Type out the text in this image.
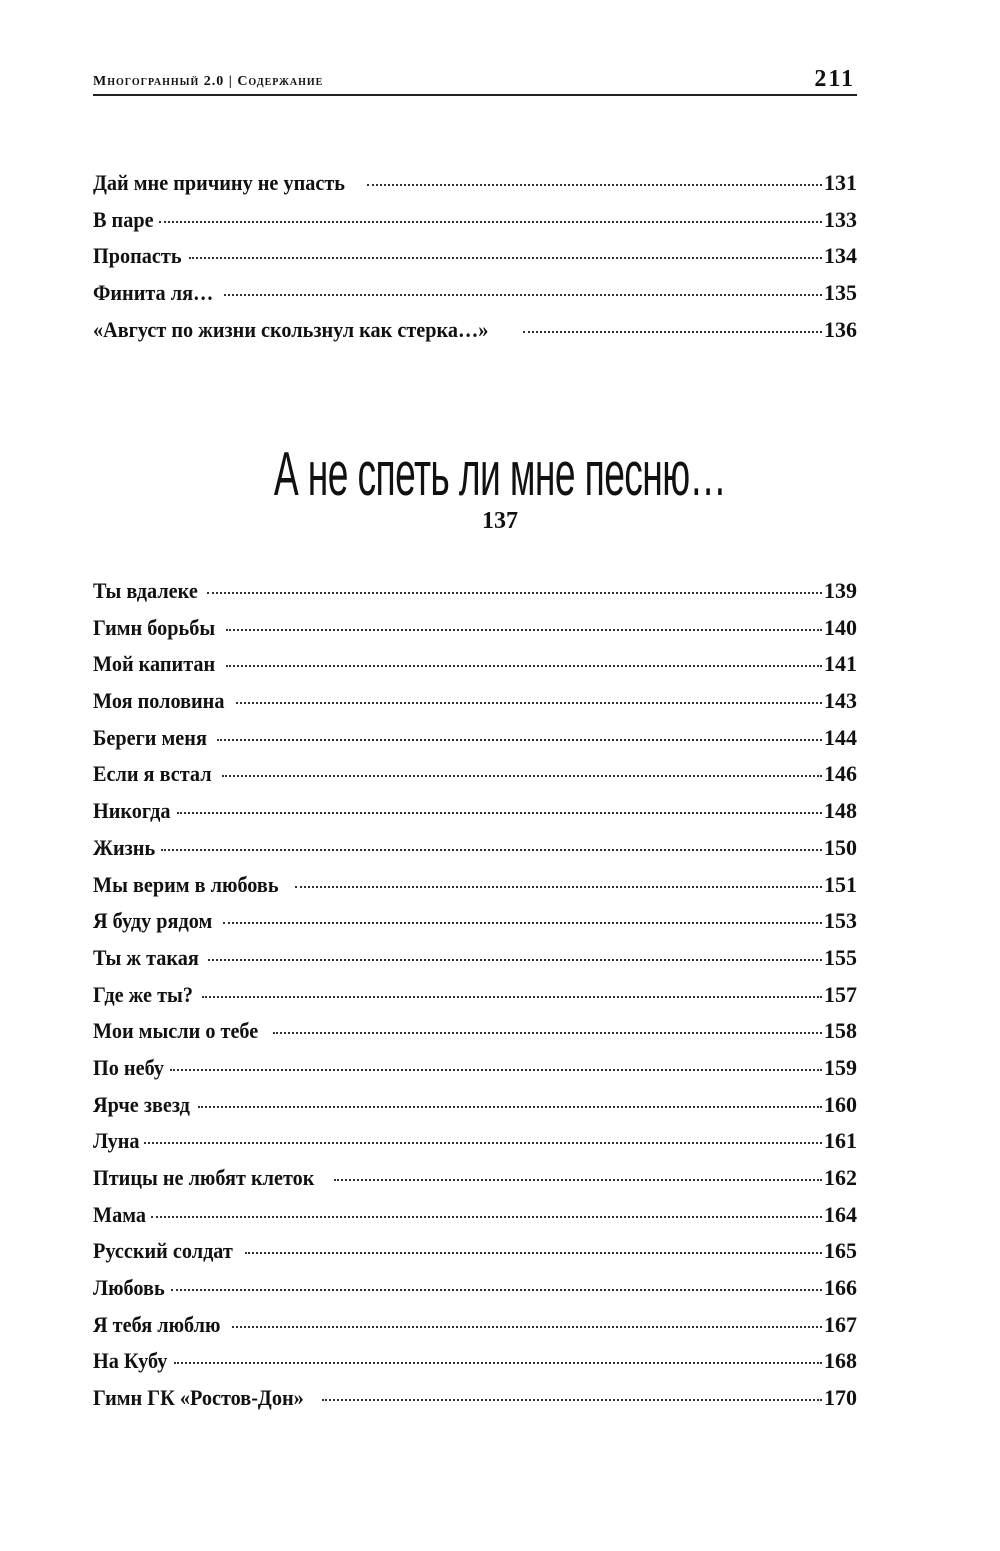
Многогранный 2.0 | Содержание	211
Дай мне причину не упасть	131
В паре	133
Пропасть	134
Финита ля…	135
«Август по жизни скользнул как стерка…»	136
А не спеть ли мне песню…
137
Ты вдалеке	139
Гимн борьбы	140
Мой капитан	141
Моя половина	143
Береги меня	144
Если я встал	146
Никогда	148
Жизнь	150
Мы верим в любовь	151
Я буду рядом	153
Ты ж такая	155
Где же ты?	157
Мои мысли о тебе	158
По небу	159
Ярче звезд	160
Луна	161
Птицы не любят клеток	162
Мама	164
Русский солдат	165
Любовь	166
Я тебя люблю	167
На Кубу	168
Гимн ГК «Ростов-Дон»	170
